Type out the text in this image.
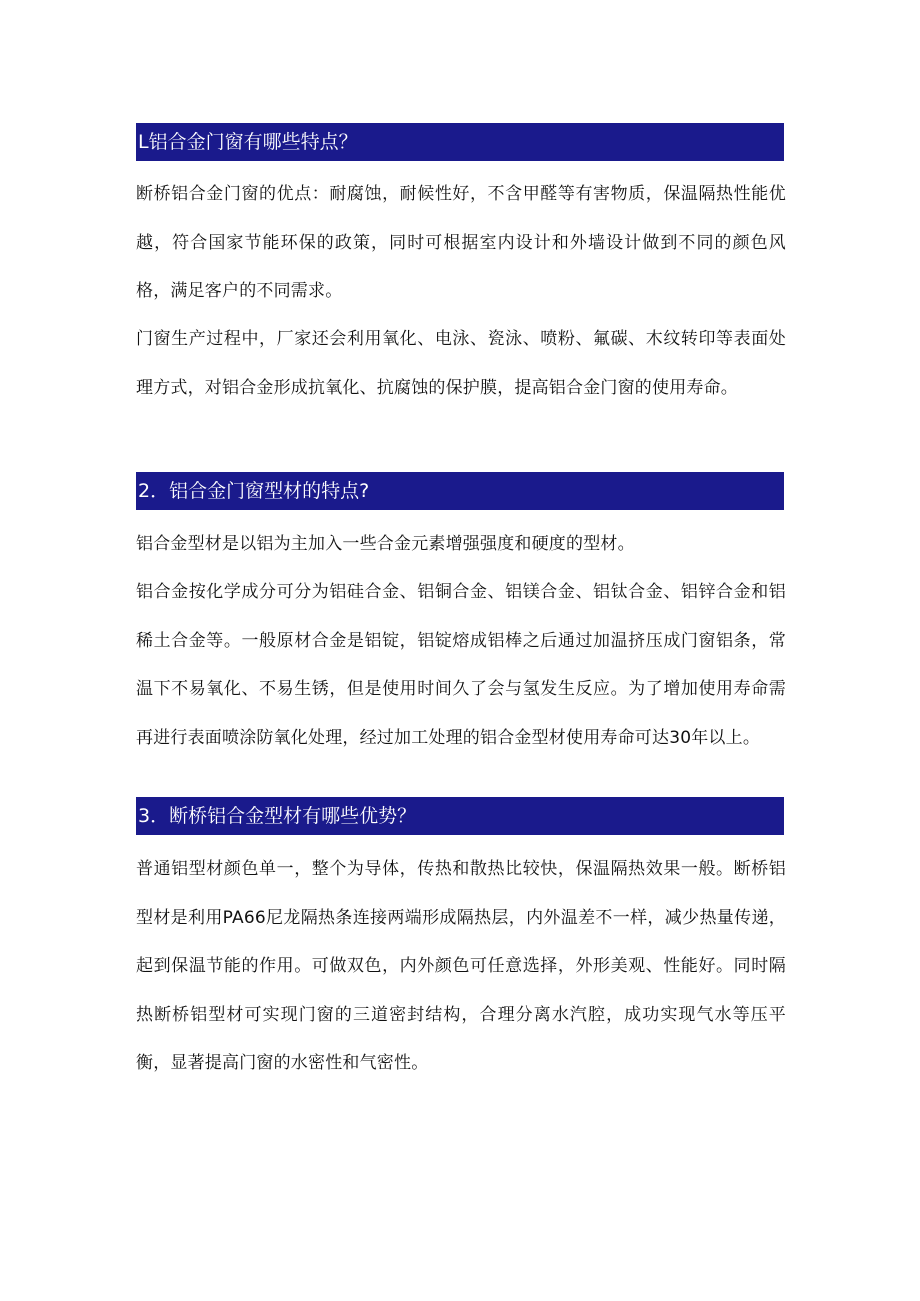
L铝合金门窗有哪些特点？

断桥铝合金门窗的优点：耐腐蚀，耐候性好，不含甲醛等有害物质，保温隔热性能优越，符合国家节能环保的政策，同时可根据室内设计和外墙设计做到不同的颜色风格，满足客户的不同需求。

门窗生产过程中，厂家还会利用氧化、电泳、瓷泳、喷粉、氟碳、木纹转印等表面处理方式，对铝合金形成抗氧化、抗腐蚀的保护膜，提高铝合金门窗的使用寿命。

2．铝合金门窗型材的特点?

铝合金型材是以铝为主加入一些合金元素增强强度和硬度的型材。

铝合金按化学成分可分为铝硅合金、铝铜合金、铝镁合金、铝钛合金、铝锌合金和铝稀土合金等。一般原材合金是铝锭，铝锭熔成铝棒之后通过加温挤压成门窗铝条，常温下不易氧化、不易生锈，但是使用时间久了会与氢发生反应。为了增加使用寿命需再进行表面喷涂防氧化处理，经过加工处理的铝合金型材使用寿命可达30年以上。

3．断桥铝合金型材有哪些优势？

普通铝型材颜色单一，整个为导体，传热和散热比较快，保温隔热效果一般。断桥铝型材是利用PA66尼龙隔热条连接两端形成隔热层，内外温差不一样，减少热量传递，起到保温节能的作用。可做双色，内外颜色可任意选择，外形美观、性能好。同时隔热断桥铝型材可实现门窗的三道密封结构，合理分离水汽腔，成功实现气水等压平衡，显著提高门窗的水密性和气密性。
